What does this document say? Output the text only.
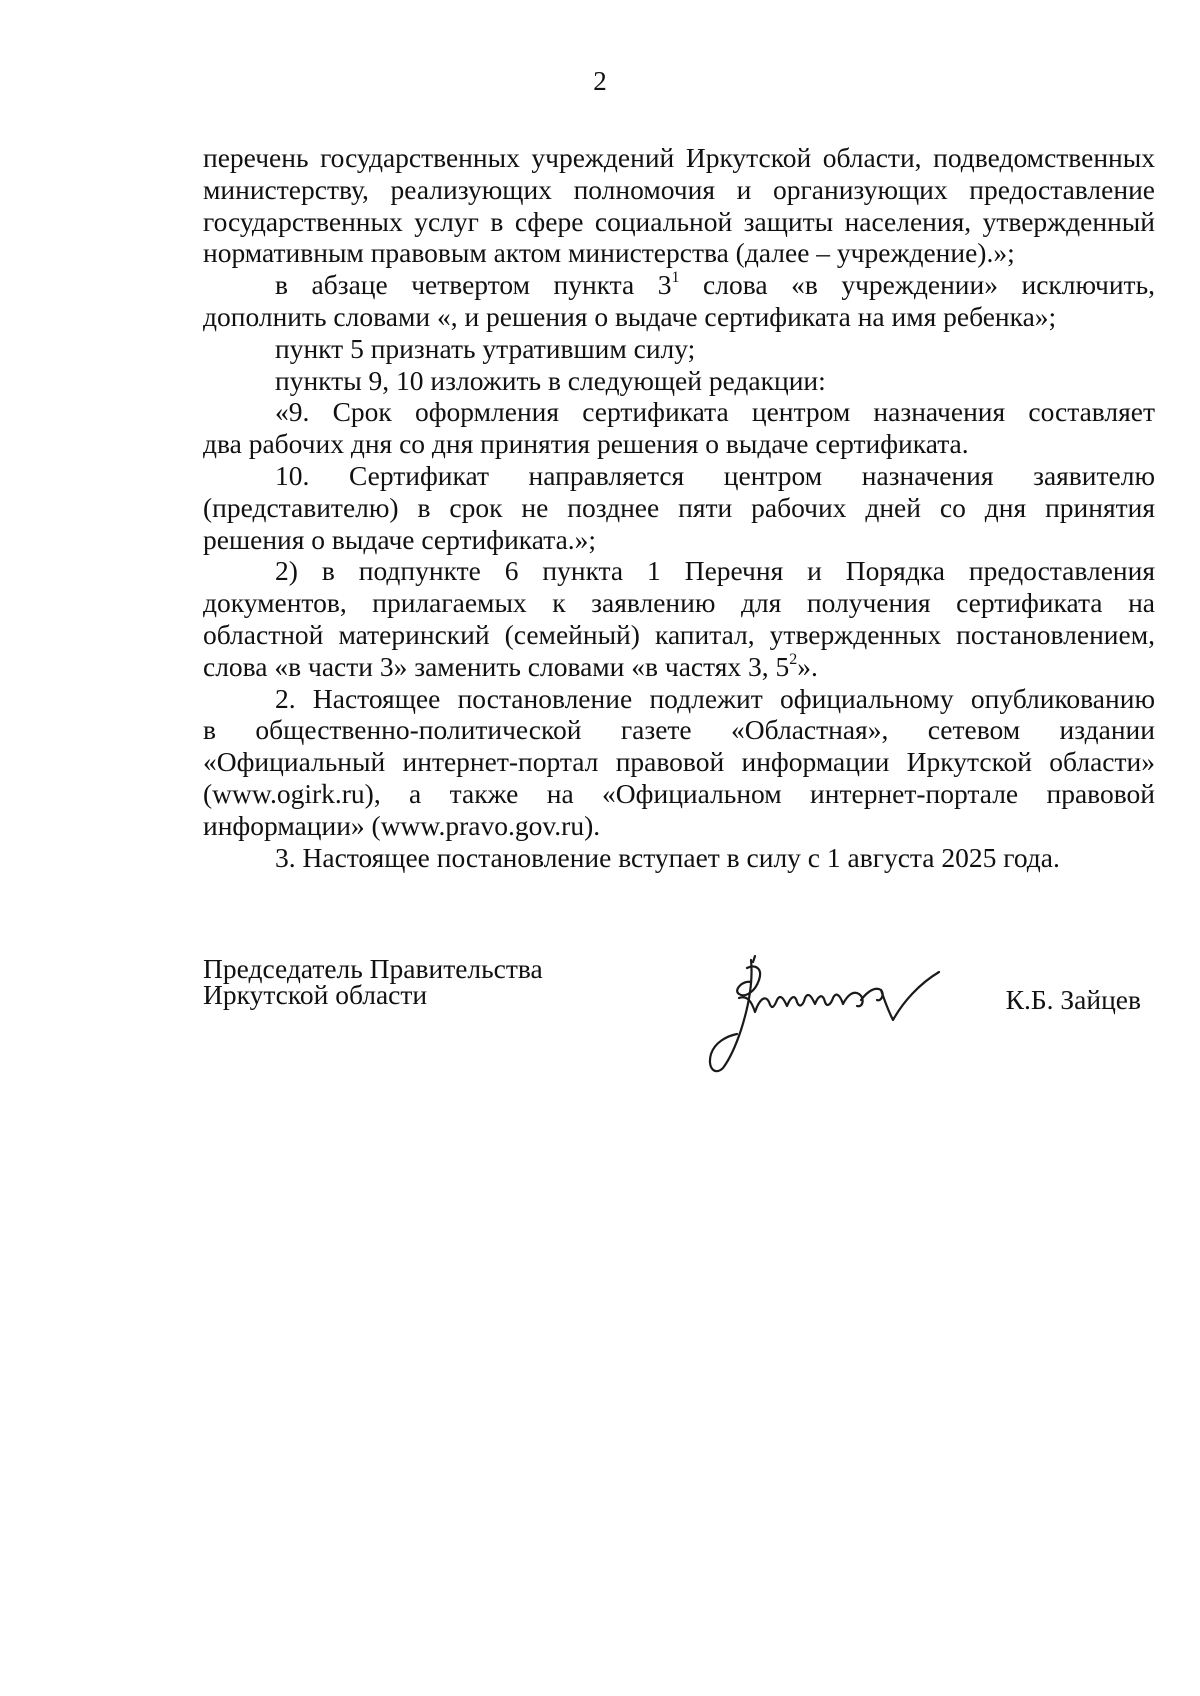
2

перечень государственных учреждений Иркутской области, подведомственных

министерству, реализующих полномочия и организующих предоставление

государственных услуг в сфере социальной защиты населения, утвержденный

нормативным правовым актом министерства (далее – учреждение).»;

в абзаце четвертом пункта $3^1$ слова «в учреждении» исключить,

дополнить словами «, и решения о выдаче сертификата на имя ребенка»;

пункт 5 признать утратившим силу;

пункты 9, 10 изложить в следующей редакции:

«9. Срок оформления сертификата центром назначения составляет

два рабочих дня со дня принятия решения о выдаче сертификата.

10. Сертификат направляется центром назначения заявителю

(представителю) в срок не позднее пяти рабочих дней со дня принятия

решения о выдаче сертификата.»;

2) в подпункте 6 пункта 1 Перечня и Порядка предоставления

документов, прилагаемых к заявлению для получения сертификата на

областной материнский (семейный) капитал, утвержденных постановлением,

слова «в части 3» заменить словами «в частях 3, $5^2$».

2. Настоящее постановление подлежит официальному опубликованию

в общественно-политической газете «Областная», сетевом издании

«Официальный интернет-портал правовой информации Иркутской области»

(www.ogirk.ru), а также на «Официальном интернет-портале правовой

информации» (www.pravo.gov.ru).

3. Настоящее постановление вступает в силу с 1 августа 2025 года.

Председатель Правительства
Иркутской области	К.Б. Зайцев
